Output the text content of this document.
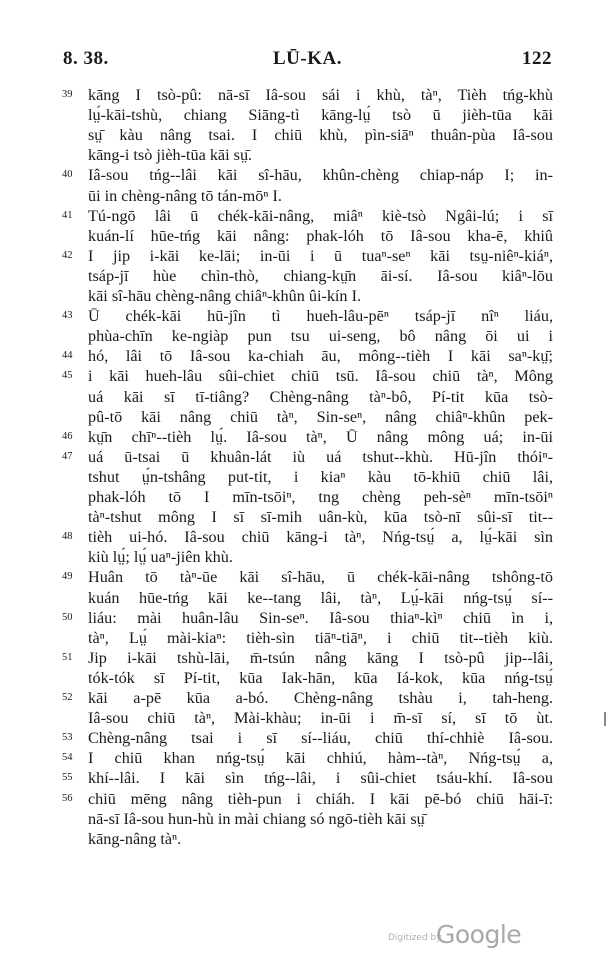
8. 38.	LŪ-KA.	122
39 kāng I tsò-pû: nā-sī Iâ-sou sái i khù, tàⁿ, Tièh tńg-khù
lṳ́-kāi-tshù, chiang Siāng-tì kāng-lṳ́ tsò ū jièh-tūa kāi
sṳ̄ kàu nâng tsai. I chiū khù, pìn-siāⁿ thuân-pùa Iâ-sou
kāng-i tsò jièh-tūa kāi sṳ̄.
40 Iâ-sou tńg--lâi kāi sî-hāu, khûn-chèng chiap-náp I; in-
ūi in chèng-nâng tō tán-mōⁿ I.
41 Tú-ngō lâi ū chék-kāi-nâng, miâⁿ kiè-tsò Ngâi-lú; i sī
kuán-lí hūe-tńg kāi nâng: phak-lóh tō Iâ-sou kha-ē, khiû
42 I jip i-kāi ke-lāi; in-ūi i ū tuaⁿ-seⁿ kāi tsṳ-niêⁿ-kiáⁿ,
tsáp-jī hùe chìn-thò, chiang-kṳ̄n āi-sí. Iâ-sou kiâⁿ-lōu
kāi sî-hāu chèng-nâng chiâⁿ-khûn ûi-kín I.
43 Ū chék-kāi hū-jîn tì hueh-lâu-pēⁿ tsáp-jī nîⁿ liáu,
phùa-chīn ke-ngiàp pun tsu ui-seng, bô nâng ōi ui i
44 hó, lâi tō Iâ-sou ka-chiah āu, mông--tièh I kāi saⁿ-kṳ̄;
45 i kāi hueh-lâu sûi-chiet chiū tsū. Iâ-sou chiū tàⁿ, Mông
uá kāi sī tī-tiâng? Chèng-nâng tàⁿ-bô, Pí-tit kūa tsò-
pû-tō kāi nâng chiū tàⁿ, Sin-seⁿ, nâng chiâⁿ-khûn pek-
46 kṳ̄n chīⁿ--tièh lṳ́. Iâ-sou tàⁿ, Ū nâng mông uá; in-ūi
47 uá ū-tsai ū khuân-lát iù uá tshut--khù. Hū-jîn thóiⁿ-
tshut ṳ́n-tshâng put-tit, i kiaⁿ kàu tō-khiū chiū lâi,
phak-lóh tō I mīn-tsōiⁿ, tng chèng peh-sèⁿ mīn-tsōiⁿ
tàⁿ-tshut mông I sī sī-mih uân-kù, kūa tsò-nī sûi-sī tit--
48 tièh ui-hó. Iâ-sou chiū kāng-i tàⁿ, Nńg-tsṳ́ a, lṳ́-kāi sìn
kiù lṳ́; lṳ́ uaⁿ-jiên khù.
49 Huân tō tàⁿ-ūe kāi sî-hāu, ū chék-kāi-nâng tshông-tō
kuán hūe-tńg kāi ke--tang lâi, tàⁿ, Lṳ́-kāi nńg-tsṳ́ sí--
50 liáu: mài huân-lâu Sin-seⁿ. Iâ-sou thiaⁿ-kìⁿ chiū ìn i,
tàⁿ, Lṳ́ mài-kiaⁿ: tièh-sìn tiāⁿ-tiāⁿ, i chiū tit--tièh kiù.
51 Jip i-kāi tshù-lāi, m̄-tsún nâng kāng I tsò-pû jip--lâi,
tók-tók sī Pí-tit, kūa Iak-hān, kūa Iá-kok, kūa nńg-tsṳ́
52 kāi a-pē kūa a-bó. Chèng-nâng tshàu i, tah-heng.
Iâ-sou chiū tàⁿ, Mài-khàu; in-ūi i m̄-sī sí, sī tō ùt.
53 Chèng-nâng tsai i sī sí--liáu, chiū thí-chhiè Iâ-sou.
54 I chiū khan nńg-tsṳ́ kāi chhiú, hàm--tàⁿ, Nńg-tsṳ́ a,
55 khí--lâi. I kāi sìn tńg--lâi, i sûi-chiet tsáu-khí. Iâ-sou
56 chiū mēng nâng tièh-pun i chiáh. I kāi pē-bó chiū hāi-ī:
nā-sī Iâ-sou hun-hù in mài chiang só ngō-tièh kāi sṳ̄
kāng-nâng tàⁿ.
Digitized by
Google
